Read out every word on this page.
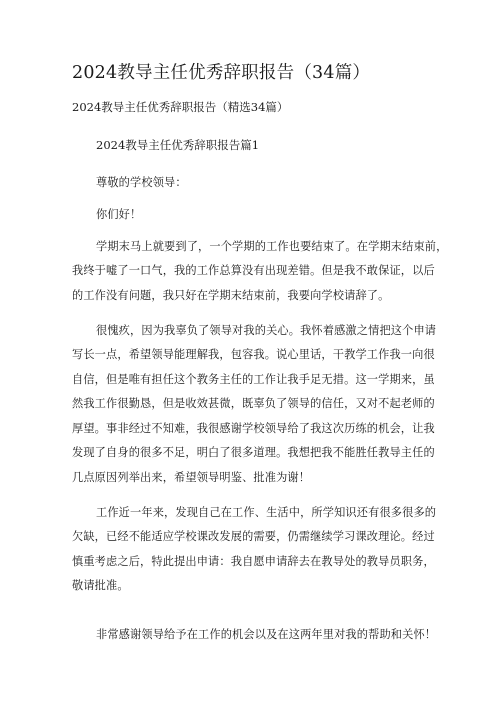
2024教导主任优秀辞职报告（34篇）
2024教导主任优秀辞职报告（精选34篇）
2024教导主任优秀辞职报告篇1
尊敬的学校领导：
你们好！
学期末马上就要到了，一个学期的工作也要结束了。在学期末结束前，
我终于嘘了一口气，我的工作总算没有出现差错。但是我不敢保证，以后
的工作没有问题，我只好在学期末结束前，我要向学校请辞了。
很愧疚，因为我辜负了领导对我的关心。我怀着感激之情把这个申请
写长一点，希望领导能理解我，包容我。说心里话，干教学工作我一向很
自信，但是唯有担任这个教务主任的工作让我手足无措。这一学期来，虽
然我工作很勤恳，但是收效甚微，既辜负了领导的信任，又对不起老师的
厚望。事非经过不知难，我很感谢学校领导给了我这次历练的机会，让我
发现了自身的很多不足，明白了很多道理。我想把我不能胜任教导主任的
几点原因列举出来，希望领导明鉴、批准为谢！
工作近一年来，发现自己在工作、生活中，所学知识还有很多很多的
欠缺，已经不能适应学校课改发展的需要，仍需继续学习课改理论。经过
慎重考虑之后，特此提出申请：我自愿申请辞去在教导处的教导员职务，
敬请批准。
非常感谢领导给予在工作的机会以及在这两年里对我的帮助和关怀！
